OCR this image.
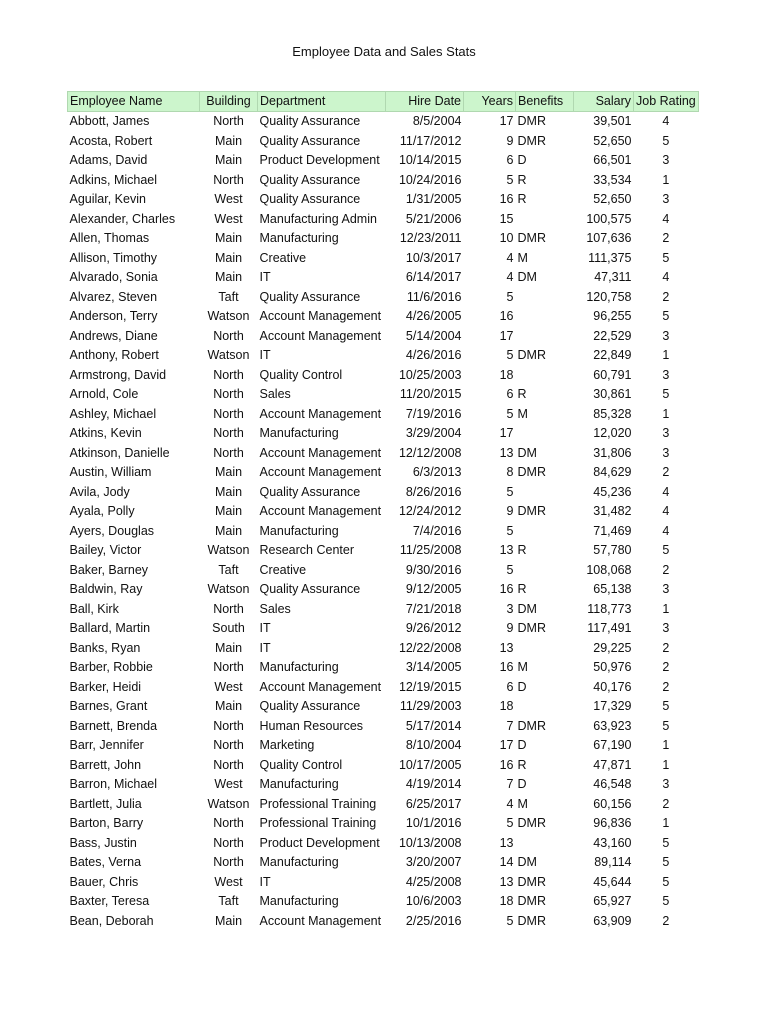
Employee Data and Sales Stats
Employee Name	Building	Department	Hire Date	Years	Benefits	Salary	Job Rating
Abbott, James	North	Quality Assurance	8/5/2004	17	DMR	39,501	4
Acosta, Robert	Main	Quality Assurance	11/17/2012	9	DMR	52,650	5
Adams, David	Main	Product Development	10/14/2015	6	D	66,501	3
Adkins, Michael	North	Quality Assurance	10/24/2016	5	R	33,534	1
Aguilar, Kevin	West	Quality Assurance	1/31/2005	16	R	52,650	3
Alexander, Charles	West	Manufacturing Admin	5/21/2006	15		100,575	4
Allen, Thomas	Main	Manufacturing	12/23/2011	10	DMR	107,636	2
Allison, Timothy	Main	Creative	10/3/2017	4	M	111,375	5
Alvarado, Sonia	Main	IT	6/14/2017	4	DM	47,311	4
Alvarez, Steven	Taft	Quality Assurance	11/6/2016	5		120,758	2
Anderson, Terry	Watson	Account Management	4/26/2005	16		96,255	5
Andrews, Diane	North	Account Management	5/14/2004	17		22,529	3
Anthony, Robert	Watson	IT	4/26/2016	5	DMR	22,849	1
Armstrong, David	North	Quality Control	10/25/2003	18		60,791	3
Arnold, Cole	North	Sales	11/20/2015	6	R	30,861	5
Ashley, Michael	North	Account Management	7/19/2016	5	M	85,328	1
Atkins, Kevin	North	Manufacturing	3/29/2004	17		12,020	3
Atkinson, Danielle	North	Account Management	12/12/2008	13	DM	31,806	3
Austin, William	Main	Account Management	6/3/2013	8	DMR	84,629	2
Avila, Jody	Main	Quality Assurance	8/26/2016	5		45,236	4
Ayala, Polly	Main	Account Management	12/24/2012	9	DMR	31,482	4
Ayers, Douglas	Main	Manufacturing	7/4/2016	5		71,469	4
Bailey, Victor	Watson	Research Center	11/25/2008	13	R	57,780	5
Baker, Barney	Taft	Creative	9/30/2016	5		108,068	2
Baldwin, Ray	Watson	Quality Assurance	9/12/2005	16	R	65,138	3
Ball, Kirk	North	Sales	7/21/2018	3	DM	118,773	1
Ballard, Martin	South	IT	9/26/2012	9	DMR	117,491	3
Banks, Ryan	Main	IT	12/22/2008	13		29,225	2
Barber, Robbie	North	Manufacturing	3/14/2005	16	M	50,976	2
Barker, Heidi	West	Account Management	12/19/2015	6	D	40,176	2
Barnes, Grant	Main	Quality Assurance	11/29/2003	18		17,329	5
Barnett, Brenda	North	Human Resources	5/17/2014	7	DMR	63,923	5
Barr, Jennifer	North	Marketing	8/10/2004	17	D	67,190	1
Barrett, John	North	Quality Control	10/17/2005	16	R	47,871	1
Barron, Michael	West	Manufacturing	4/19/2014	7	D	46,548	3
Bartlett, Julia	Watson	Professional Training	6/25/2017	4	M	60,156	2
Barton, Barry	North	Professional Training	10/1/2016	5	DMR	96,836	1
Bass, Justin	North	Product Development	10/13/2008	13		43,160	5
Bates, Verna	North	Manufacturing	3/20/2007	14	DM	89,114	5
Bauer, Chris	West	IT	4/25/2008	13	DMR	45,644	5
Baxter, Teresa	Taft	Manufacturing	10/6/2003	18	DMR	65,927	5
Bean, Deborah	Main	Account Management	2/25/2016	5	DMR	63,909	2
